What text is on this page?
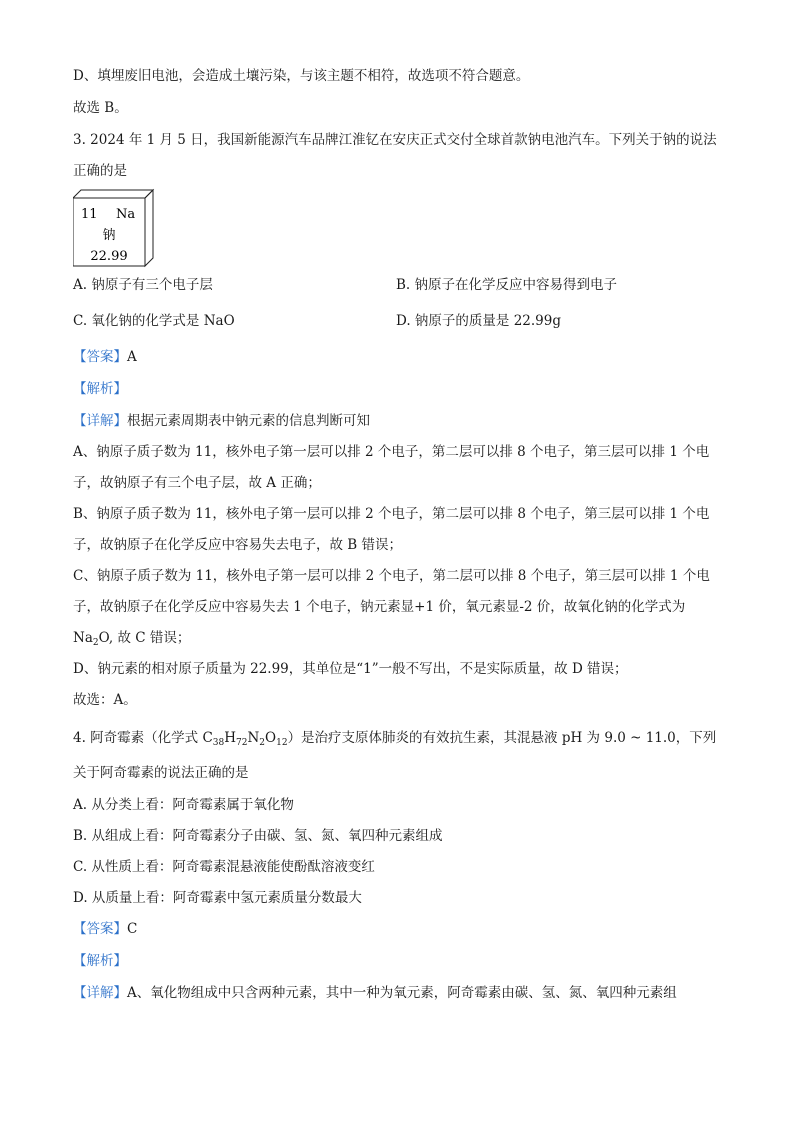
D、填埋废旧电池，会造成土壤污染，与该主题不相符，故选项不符合题意。
故选 B。
3. 2024 年 1 月 5 日，我国新能源汽车品牌江淮钇在安庆正式交付全球首款钠电池汽车。下列关于钠的说法
正确的是
11 Na
钠
22.99
A. 钠原子有三个电子层	B. 钠原子在化学反应中容易得到电子
C. 氧化钠的化学式是 NaO	D. 钠原子的质量是 22.99g
【答案】A
【解析】
【详解】根据元素周期表中钠元素的信息判断可知
A、钠原子质子数为 11，核外电子第一层可以排 2 个电子，第二层可以排 8 个电子，第三层可以排 1 个电
子，故钠原子有三个电子层，故 A 正确；
B、钠原子质子数为 11，核外电子第一层可以排 2 个电子，第二层可以排 8 个电子，第三层可以排 1 个电
子，故钠原子在化学反应中容易失去电子，故 B 错误；
C、钠原子质子数为 11，核外电子第一层可以排 2 个电子，第二层可以排 8 个电子，第三层可以排 1 个电
子，故钠原子在化学反应中容易失去 1 个电子，钠元素显+1 价，氧元素显-2 价，故氧化钠的化学式为
$Na_2O$, 故 C 错误；
D、钠元素的相对原子质量为 22.99，其单位是“1”一般不写出，不是实际质量，故 D 错误；
故选：A。
4. 阿奇霉素（化学式 $C_{38}H_{72}N_2O_{12}$）是治疗支原体肺炎的有效抗生素，其混悬液 pH 为 9.0 ~ 11.0，下列
关于阿奇霉素的说法正确的是
A. 从分类上看：阿奇霉素属于氧化物
B. 从组成上看：阿奇霉素分子由碳、氢、氮、氧四种元素组成
C. 从性质上看：阿奇霉素混悬液能使酚酞溶液变红
D. 从质量上看：阿奇霉素中氢元素质量分数最大
【答案】C
【解析】
【详解】A、氧化物组成中只含两种元素，其中一种为氧元素，阿奇霉素由碳、氢、氮、氧四种元素组
